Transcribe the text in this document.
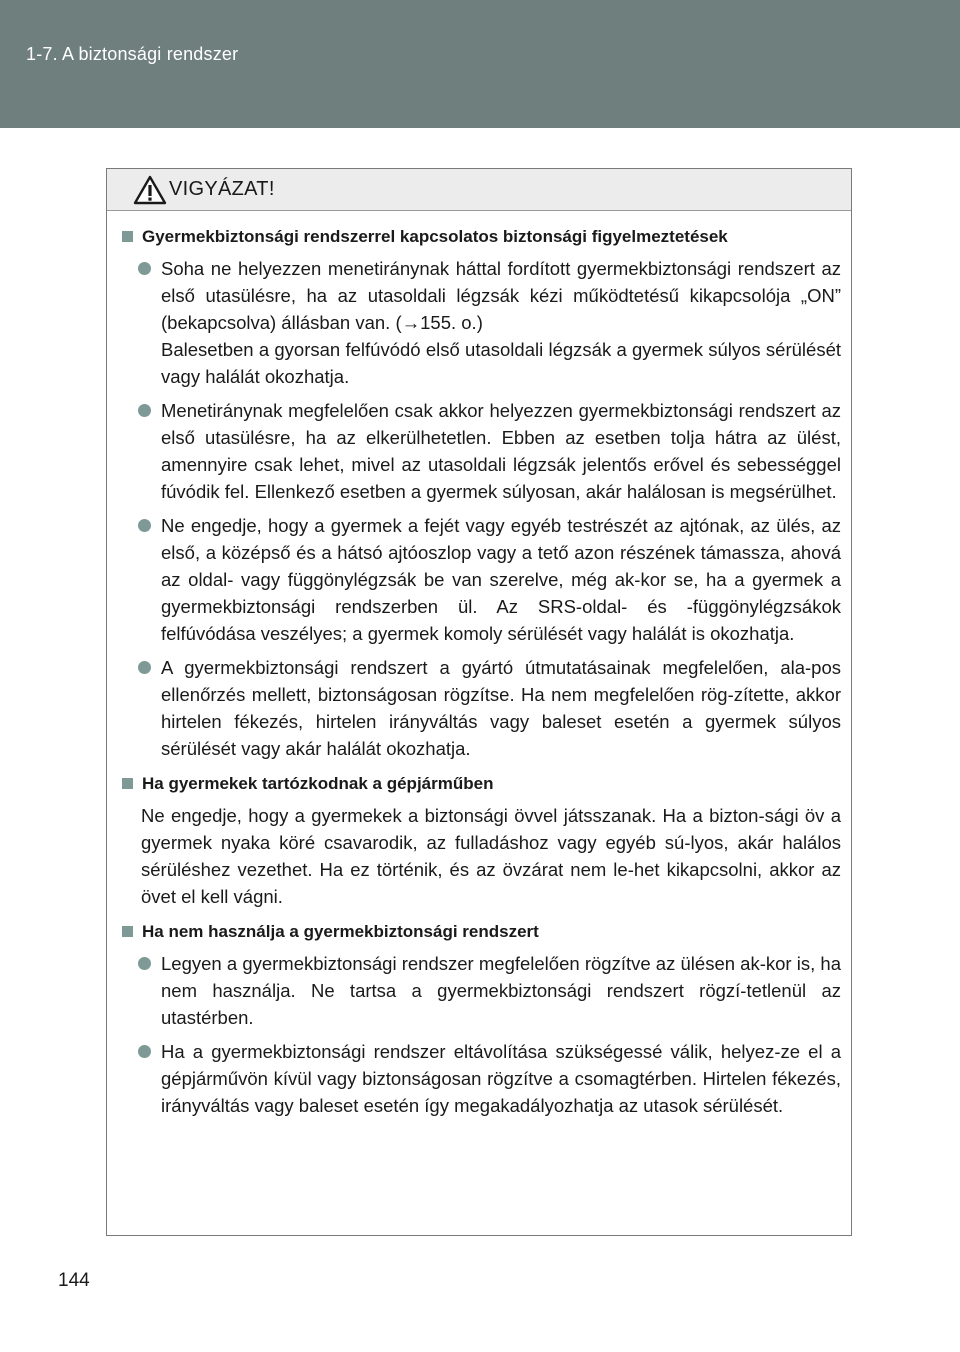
1-7. A biztonsági rendszer
VIGYÁZAT!
Gyermekbiztonsági rendszerrel kapcsolatos biztonsági figyelmeztetések
Soha ne helyezzen menetiránynak háttal fordított gyermekbiztonsági rendszert az első utasülésre, ha az utasoldali légzsák kézi működtetésű kikapcsolója „ON” (bekapcsolva) állásban van. (→155. o.)
Balesetben a gyorsan felfúvódó első utasoldali légzsák a gyermek súlyos sérülését vagy halálát okozhatja.
Menetiránynak megfelelően csak akkor helyezzen gyermekbiztonsági rendszert az első utasülésre, ha az elkerülhetetlen. Ebben az esetben tolja hátra az ülést, amennyire csak lehet, mivel az utasoldali légzsák jelentős erővel és sebességgel fúvódik fel. Ellenkező esetben a gyermek súlyosan, akár halálosan is megsérülhet.
Ne engedje, hogy a gyermek a fejét vagy egyéb testrészét az ajtónak, az ülés, az első, a középső és a hátsó ajtóoszlop vagy a tető azon részének támassza, ahová az oldal- vagy függönylégzsák be van szerelve, még ak-kor se, ha a gyermek a gyermekbiztonsági rendszerben ül. Az SRS-oldal- és -függönylégzsákok felfúvódása veszélyes; a gyermek komoly sérülését vagy halálát is okozhatja.
A gyermekbiztonsági rendszert a gyártó útmutatásainak megfelelően, ala-pos ellenőrzés mellett, biztonságosan rögzítse. Ha nem megfelelően rög-zítette, akkor hirtelen fékezés, hirtelen irányváltás vagy baleset esetén a gyermek súlyos sérülését vagy akár halálát okozhatja.
Ha gyermekek tartózkodnak a gépjárműben
Ne engedje, hogy a gyermekek a biztonsági övvel játsszanak. Ha a bizton-sági öv a gyermek nyaka köré csavarodik, az fulladáshoz vagy egyéb sú-lyos, akár halálos sérüléshez vezethet. Ha ez történik, és az övzárat nem le-het kikapcsolni, akkor az övet el kell vágni.
Ha nem használja a gyermekbiztonsági rendszert
Legyen a gyermekbiztonsági rendszer megfelelően rögzítve az ülésen ak-kor is, ha nem használja. Ne tartsa a gyermekbiztonsági rendszert rögzí-tetlenül az utastérben.
Ha a gyermekbiztonsági rendszer eltávolítása szükségessé válik, helyez-ze el a gépjárművön kívül vagy biztonságosan rögzítve a csomagtérben. Hirtelen fékezés, irányváltás vagy baleset esetén így megakadályozhatja az utasok sérülését.
144
